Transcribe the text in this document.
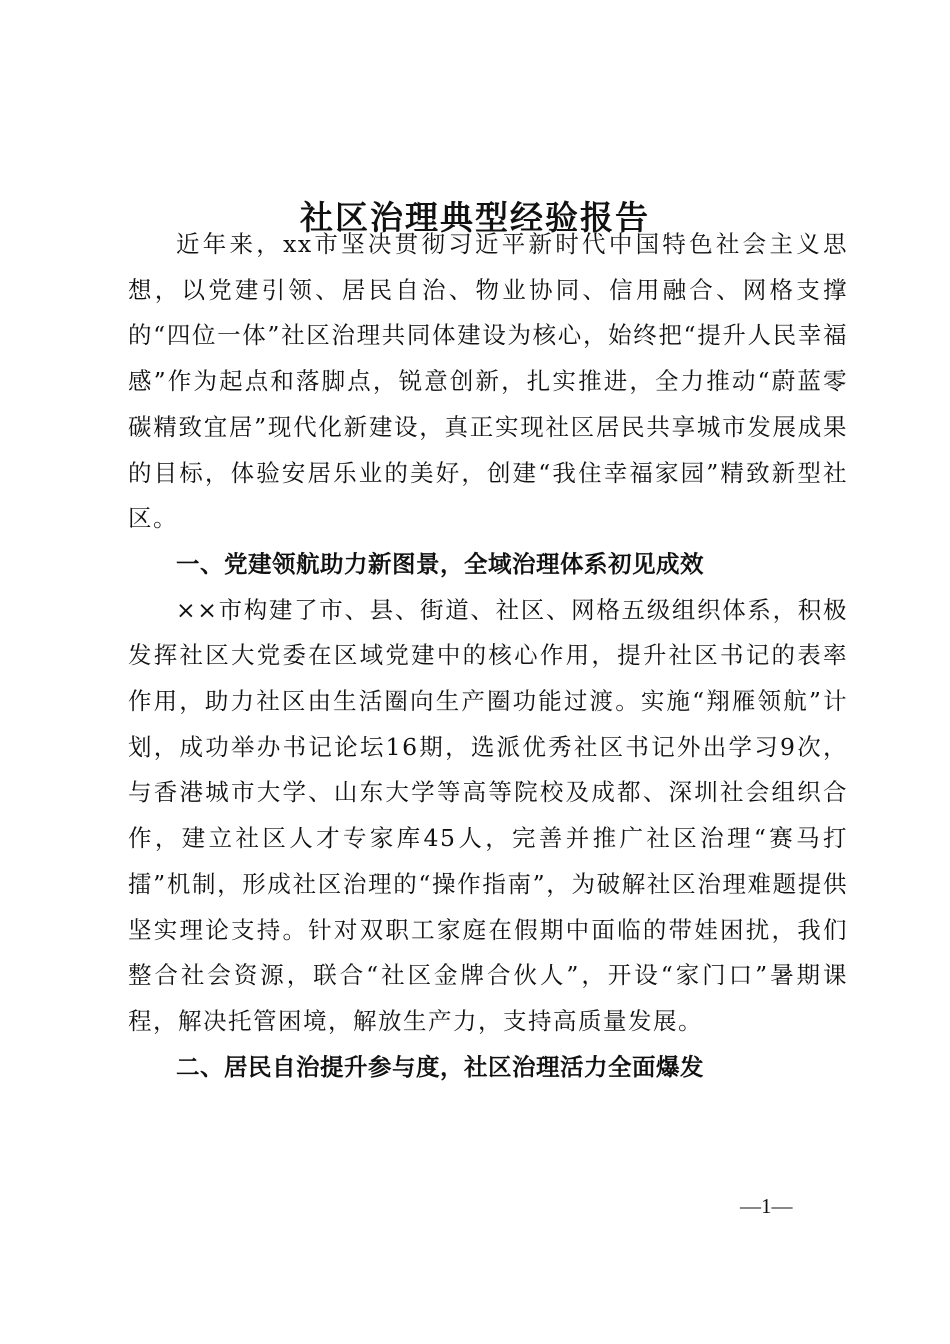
社区治理典型经验报告

近年来，xx市坚决贯彻习近平新时代中国特色社会主义思想，以党建引领、居民自治、物业协同、信用融合、网格支撑的“四位一体”社区治理共同体建设为核心，始终把“提升人民幸福感”作为起点和落脚点，锐意创新，扎实推进，全力推动“蔚蓝零碳精致宜居”现代化新建设，真正实现社区居民共享城市发展成果的目标，体验安居乐业的美好，创建“我住幸福家园”精致新型社区。

一、党建领航助力新图景，全域治理体系初见成效

××市构建了市、县、街道、社区、网格五级组织体系，积极发挥社区大党委在区域党建中的核心作用，提升社区书记的表率作用，助力社区由生活圈向生产圈功能过渡。实施“翔雁领航”计划，成功举办书记论坛16期，选派优秀社区书记外出学习9次，与香港城市大学、山东大学等高等院校及成都、深圳社会组织合作，建立社区人才专家库45人，完善并推广社区治理“赛马打擂”机制，形成社区治理的“操作指南”，为破解社区治理难题提供坚实理论支持。针对双职工家庭在假期中面临的带娃困扰，我们整合社会资源，联合“社区金牌合伙人”，开设“家门口”暑期课程，解决托管困境，解放生产力，支持高质量发展。

二、居民自治提升参与度，社区治理活力全面爆发

—1—
